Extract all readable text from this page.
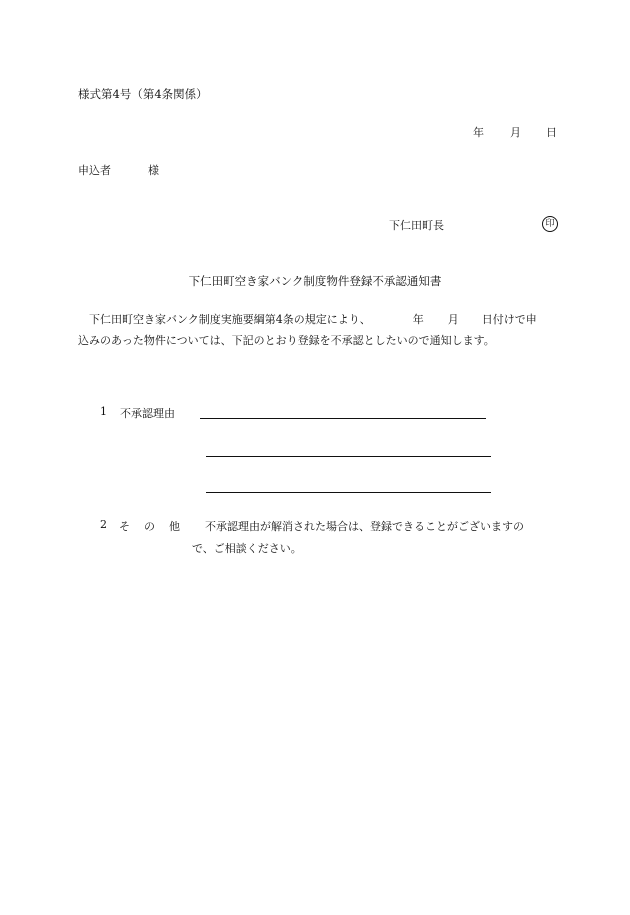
様式第4号（第4条関係）
年 月 日
申込者	様
下仁田町長	印
下仁田町空き家バンク制度物件登録不承認通知書
下仁田町空き家バンク制度実施要綱第4条の規定により、	年 月 日付けで申
込みのあった物件については、下記のとおり登録を不承認としたいので通知します。
1 不承認理由
2 そ の 他	不承認理由が解消された場合は、登録できることがございますの
で、ご相談ください。
